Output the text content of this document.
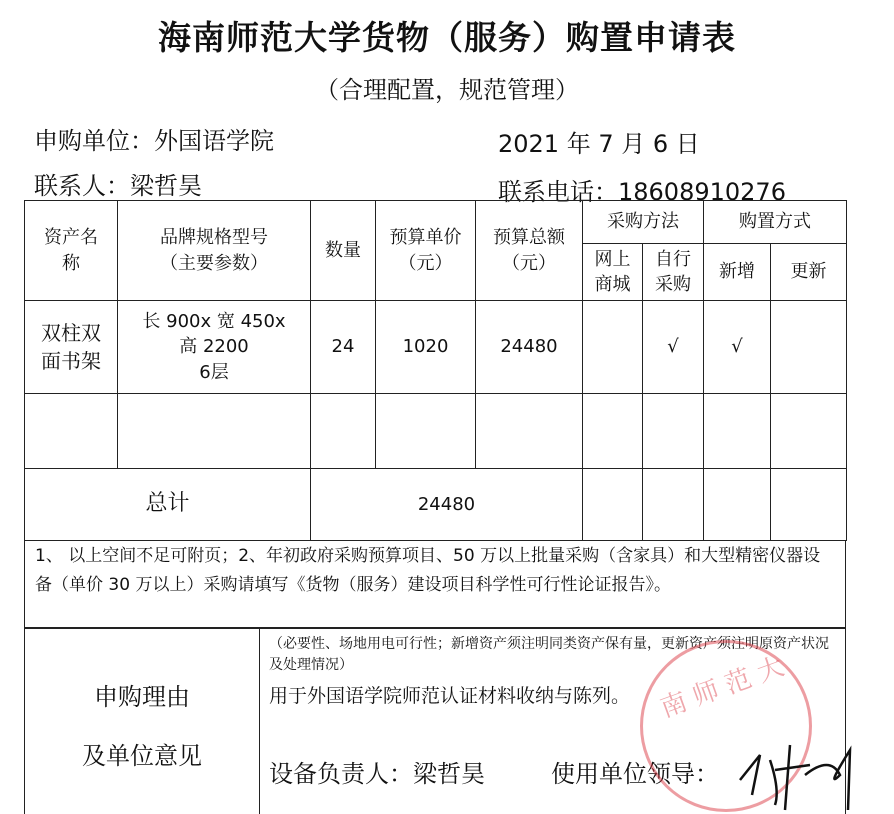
海南师范大学货物（服务）购置申请表
（合理配置，规范管理）
申购单位：外国语学院	2021 年 7 月 6 日
联系人：梁哲昊	联系电话：18608910276
资产名称	品牌规格型号（主要参数）	数量	预算单价（元）	预算总额（元）	采购方法		购置方式	
					网上商城	自行采购	新增	更新
双柱双面书架	长 900x 宽 450x
高 2200
6层	24	1020	24480		√	√	

总计		24480						
1、 以上空间不足可附页；2、年初政府采购预算项目、50 万以上批量采购（含家具）和大型精密仪器设备（单价 30 万以上）采购请填写《货物（服务）建设项目科学性可行性论证报告》。
申购理由
及单位意见
（必要性、场地用电可行性；新增资产须注明同类资产保有量，更新资产须注明原资产状况及处理情况）
用于外国语学院师范认证材料收纳与陈列。
设备负责人：梁哲昊	使用单位领导：
南 师 范 大
